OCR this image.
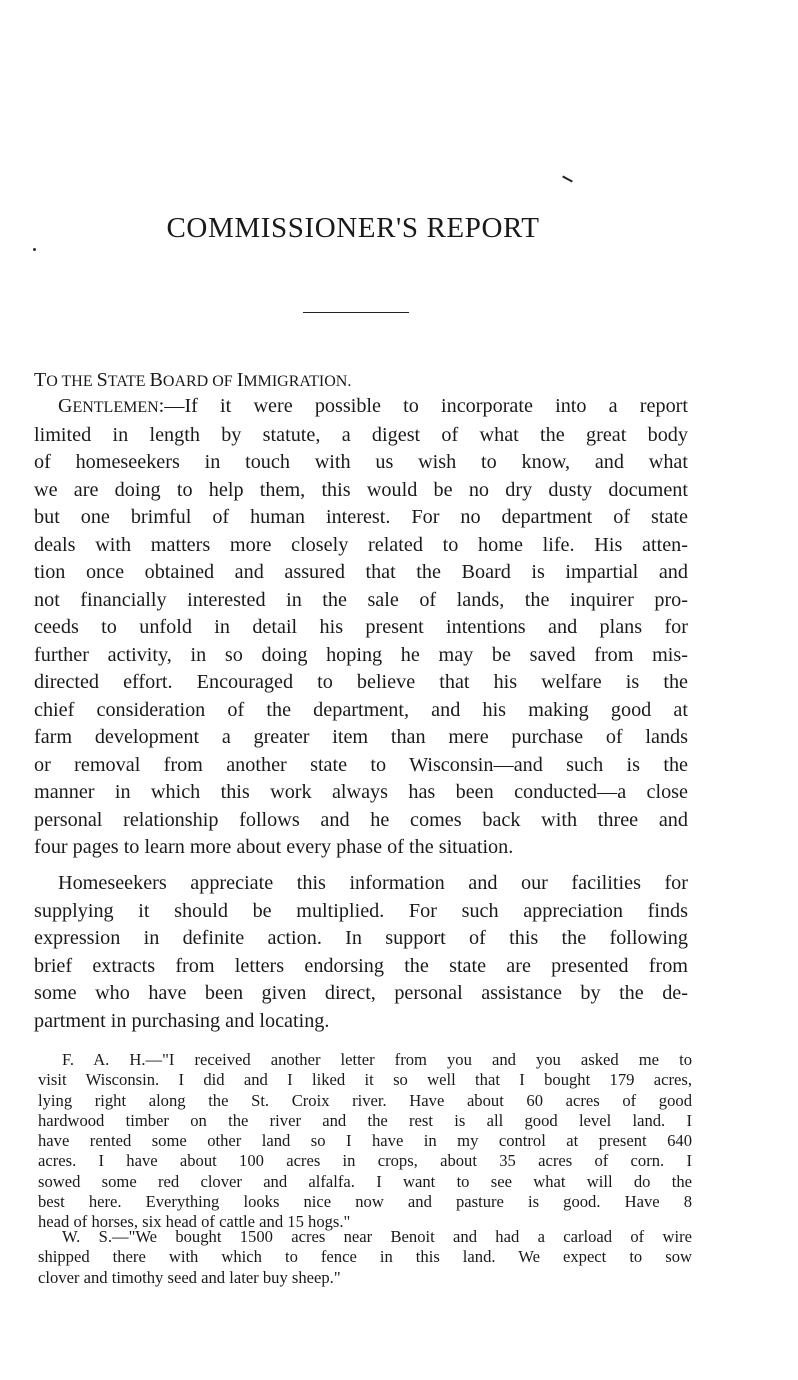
COMMISSIONER'S REPORT

TO THE STATE BOARD OF IMMIGRATION.

GENTLEMEN:—If it were possible to incorporate into a report
limited in length by statute, a digest of what the great body
of homeseekers in touch with us wish to know, and what
we are doing to help them, this would be no dry dusty document
but one brimful of human interest. For no department of state
deals with matters more closely related to home life. His atten-
tion once obtained and assured that the Board is impartial and
not financially interested in the sale of lands, the inquirer pro-
ceeds to unfold in detail his present intentions and plans for
further activity, in so doing hoping he may be saved from mis-
directed effort. Encouraged to believe that his welfare is the
chief consideration of the department, and his making good at
farm development a greater item than mere purchase of lands
or removal from another state to Wisconsin—and such is the
manner in which this work always has been conducted—a close
personal relationship follows and he comes back with three and
four pages to learn more about every phase of the situation.
Homeseekers appreciate this information and our facilities for
supplying it should be multiplied. For such appreciation finds
expression in definite action. In support of this the following
brief extracts from letters endorsing the state are presented from
some who have been given direct, personal assistance by the de-
partment in purchasing and locating.
F. A. H.—"I received another letter from you and you asked me to
visit Wisconsin. I did and I liked it so well that I bought 179 acres,
lying right along the St. Croix river. Have about 60 acres of good
hardwood timber on the river and the rest is all good level land. I
have rented some other land so I have in my control at present 640
acres. I have about 100 acres in crops, about 35 acres of corn. I
sowed some red clover and alfalfa. I want to see what will do the
best here. Everything looks nice now and pasture is good. Have 8
head of horses, six head of cattle and 15 hogs."
W. S.—"We bought 1500 acres near Benoit and had a carload of wire
shipped there with which to fence in this land. We expect to sow
clover and timothy seed and later buy sheep."
